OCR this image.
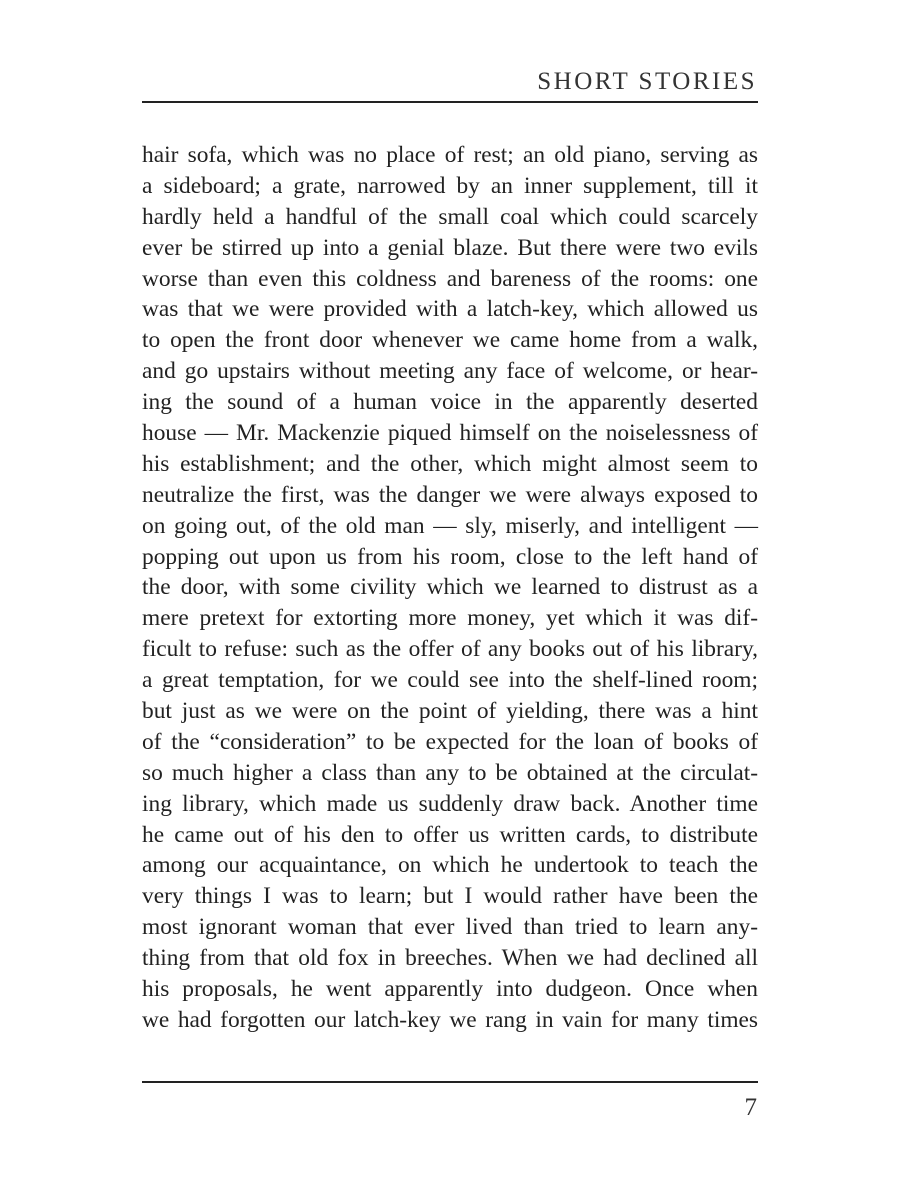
SHORT STORIES
hair sofa, which was no place of rest; an old piano, serving as
a sideboard; a grate, narrowed by an inner supplement, till it
hardly held a handful of the small coal which could scarcely
ever be stirred up into a genial blaze. But there were two evils
worse than even this coldness and bareness of the rooms: one
was that we were provided with a latch-key, which allowed us
to open the front door whenever we came home from a walk,
and go upstairs without meeting any face of welcome, or hear-
ing the sound of a human voice in the apparently deserted
house — Mr. Mackenzie piqued himself on the noiselessness of
his establishment; and the other, which might almost seem to
neutralize the first, was the danger we were always exposed to
on going out, of the old man — sly, miserly, and intelligent —
popping out upon us from his room, close to the left hand of
the door, with some civility which we learned to distrust as a
mere pretext for extorting more money, yet which it was dif-
ficult to refuse: such as the offer of any books out of his library,
a great temptation, for we could see into the shelf-lined room;
but just as we were on the point of yielding, there was a hint
of the “consideration” to be expected for the loan of books of
so much higher a class than any to be obtained at the circulat-
ing library, which made us suddenly draw back. Another time
he came out of his den to offer us written cards, to distribute
among our acquaintance, on which he undertook to teach the
very things I was to learn; but I would rather have been the
most ignorant woman that ever lived than tried to learn any-
thing from that old fox in breeches. When we had declined all
his proposals, he went apparently into dudgeon. Once when
we had forgotten our latch-key we rang in vain for many times
7
